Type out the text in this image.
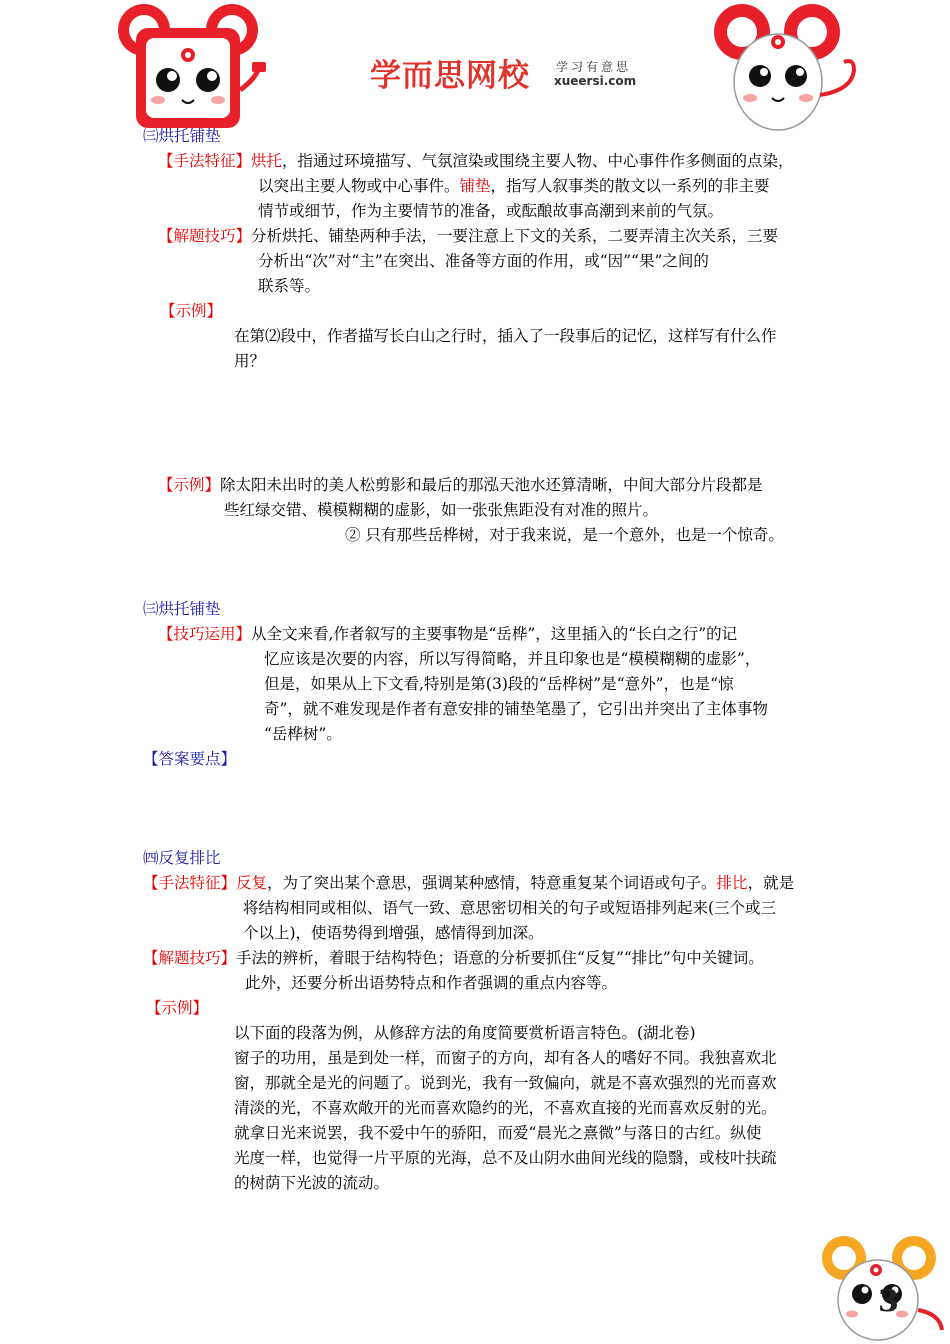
学而思网校 学习有意思
xueersi.com
㈢烘托铺垫
【手法特征】烘托，指通过环境描写、气氛渲染或围绕主要人物、中心事件作多侧面的点染，
以突出主要人物或中心事件。铺垫，指写人叙事类的散文以一系列的非主要
情节或细节，作为主要情节的准备，或酝酿故事高潮到来前的气氛。
【解题技巧】分析烘托、铺垫两种手法，一要注意上下文的关系，二要弄清主次关系，三要
分析出“次”对“主”在突出、准备等方面的作用，或“因”“果”之间的
联系等。
【示例】
在第⑵段中，作者描写长白山之行时，插入了一段事后的记忆，这样写有什么作
用？
【示例】除太阳未出时的美人松剪影和最后的那泓天池水还算清晰，中间大部分片段都是
些红绿交错、模模糊糊的虚影，如一张张焦距没有对准的照片。
② 只有那些岳桦树，对于我来说，是一个意外，也是一个惊奇。
㈢烘托铺垫
【技巧运用】从全文来看,作者叙写的主要事物是“岳桦”，这里插入的“长白之行”的记
忆应该是次要的内容，所以写得简略，并且印象也是“模模糊糊的虚影”，
但是，如果从上下文看,特别是第(3)段的“岳桦树”是“意外”，也是“惊
奇”，就不难发现是作者有意安排的铺垫笔墨了，它引出并突出了主体事物
“岳桦树”。
【答案要点】
㈣反复排比
【手法特征】反复，为了突出某个意思，强调某种感情，特意重复某个词语或句子。排比，就是
将结构相同或相似、语气一致、意思密切相关的句子或短语排列起来(三个或三
个以上)，使语势得到增强，感情得到加深。
【解题技巧】手法的辨析，着眼于结构特色；语意的分析要抓住“反复”“排比”句中关键词。
此外，还要分析出语势特点和作者强调的重点内容等。
【示例】
以下面的段落为例，从修辞方法的角度简要赏析语言特色。(湖北卷)
窗子的功用，虽是到处一样，而窗子的方向，却有各人的嗜好不同。我独喜欢北
窗，那就全是光的问题了。说到光，我有一致偏向，就是不喜欢强烈的光而喜欢
清淡的光，不喜欢敞开的光而喜欢隐约的光，不喜欢直接的光而喜欢反射的光。
就拿日光来说罢，我不爱中午的骄阳，而爱“晨光之熹微”与落日的古红。纵使
光度一样，也觉得一片平原的光海，总不及山阴水曲间光线的隐翳，或枝叶扶疏
的树荫下光波的流动。
3
